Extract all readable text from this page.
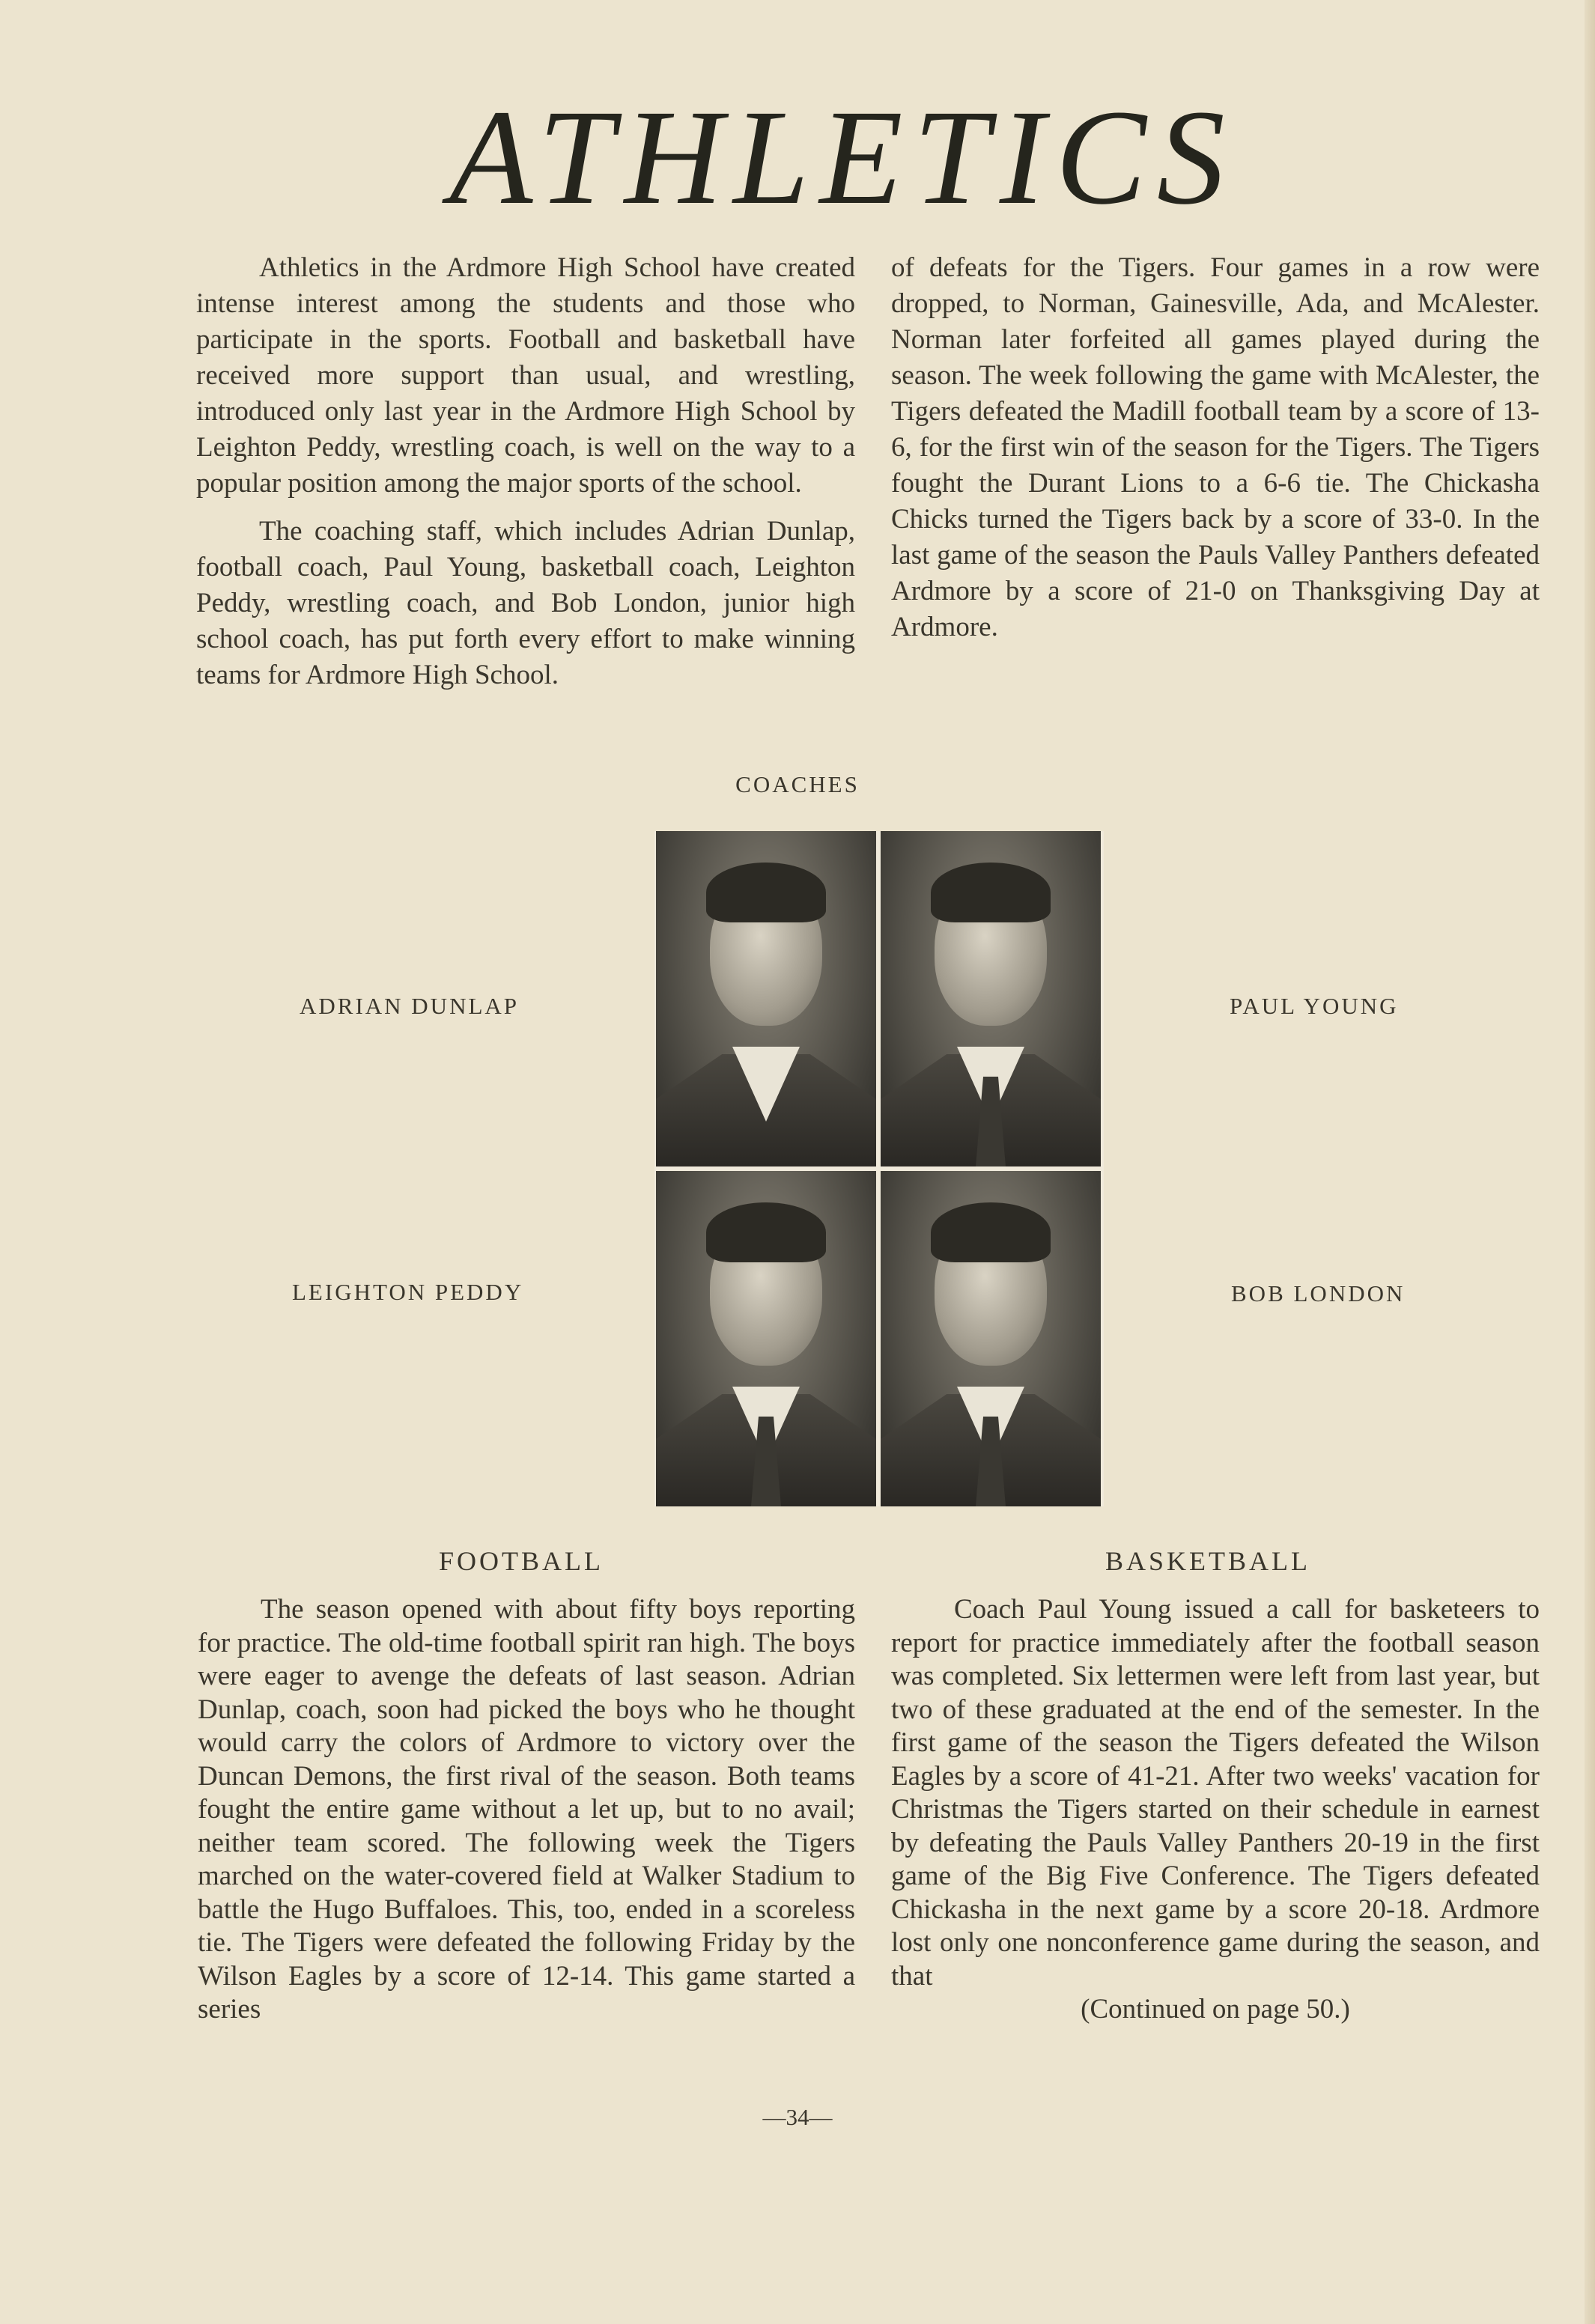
ATHLETICS

Athletics in the Ardmore High School have created intense interest among the students and those who participate in the sports. Football and basketball have received more support than usual, and wrestling, introduced only last year in the Ardmore High School by Leighton Peddy, wrestling coach, is well on the way to a popular position among the major sports of the school.

The coaching staff, which includes Adrian Dunlap, football coach, Paul Young, basketball coach, Leighton Peddy, wrestling coach, and Bob London, junior high school coach, has put forth every effort to make winning teams for Ardmore High School.

of defeats for the Tigers. Four games in a row were dropped, to Norman, Gainesville, Ada, and McAlester. Norman later forfeited all games played during the season. The week following the game with McAlester, the Tigers defeated the Madill football team by a score of 13-6, for the first win of the season for the Tigers. The Tigers fought the Durant Lions to a 6-6 tie. The Chickasha Chicks turned the Tigers back by a score of 33-0. In the last game of the season the Pauls Valley Panthers defeated Ardmore by a score of 21-0 on Thanksgiving Day at Ardmore.

COACHES
ADRIAN DUNLAP	PAUL YOUNG
LEIGHTON PEDDY	BOB LONDON
FOOTBALL	BASKETBALL

The season opened with about fifty boys reporting for practice. The old-time football spirit ran high. The boys were eager to avenge the defeats of last season. Adrian Dunlap, coach, soon had picked the boys who he thought would carry the colors of Ardmore to victory over the Duncan Demons, the first rival of the season. Both teams fought the entire game without a let up, but to no avail; neither team scored. The following week the Tigers marched on the water-covered field at Walker Stadium to battle the Hugo Buffaloes. This, too, ended in a scoreless tie. The Tigers were defeated the following Friday by the Wilson Eagles by a score of 12-14. This game started a series

Coach Paul Young issued a call for basketeers to report for practice immediately after the football season was completed. Six lettermen were left from last year, but two of these graduated at the end of the semester. In the first game of the season the Tigers defeated the Wilson Eagles by a score of 41-21. After two weeks' vacation for Christmas the Tigers started on their schedule in earnest by defeating the Pauls Valley Panthers 20-19 in the first game of the Big Five Conference. The Tigers defeated Chickasha in the next game by a score 20-18. Ardmore lost only one nonconference game during the season, and that

(Continued on page 50.)
—34—
